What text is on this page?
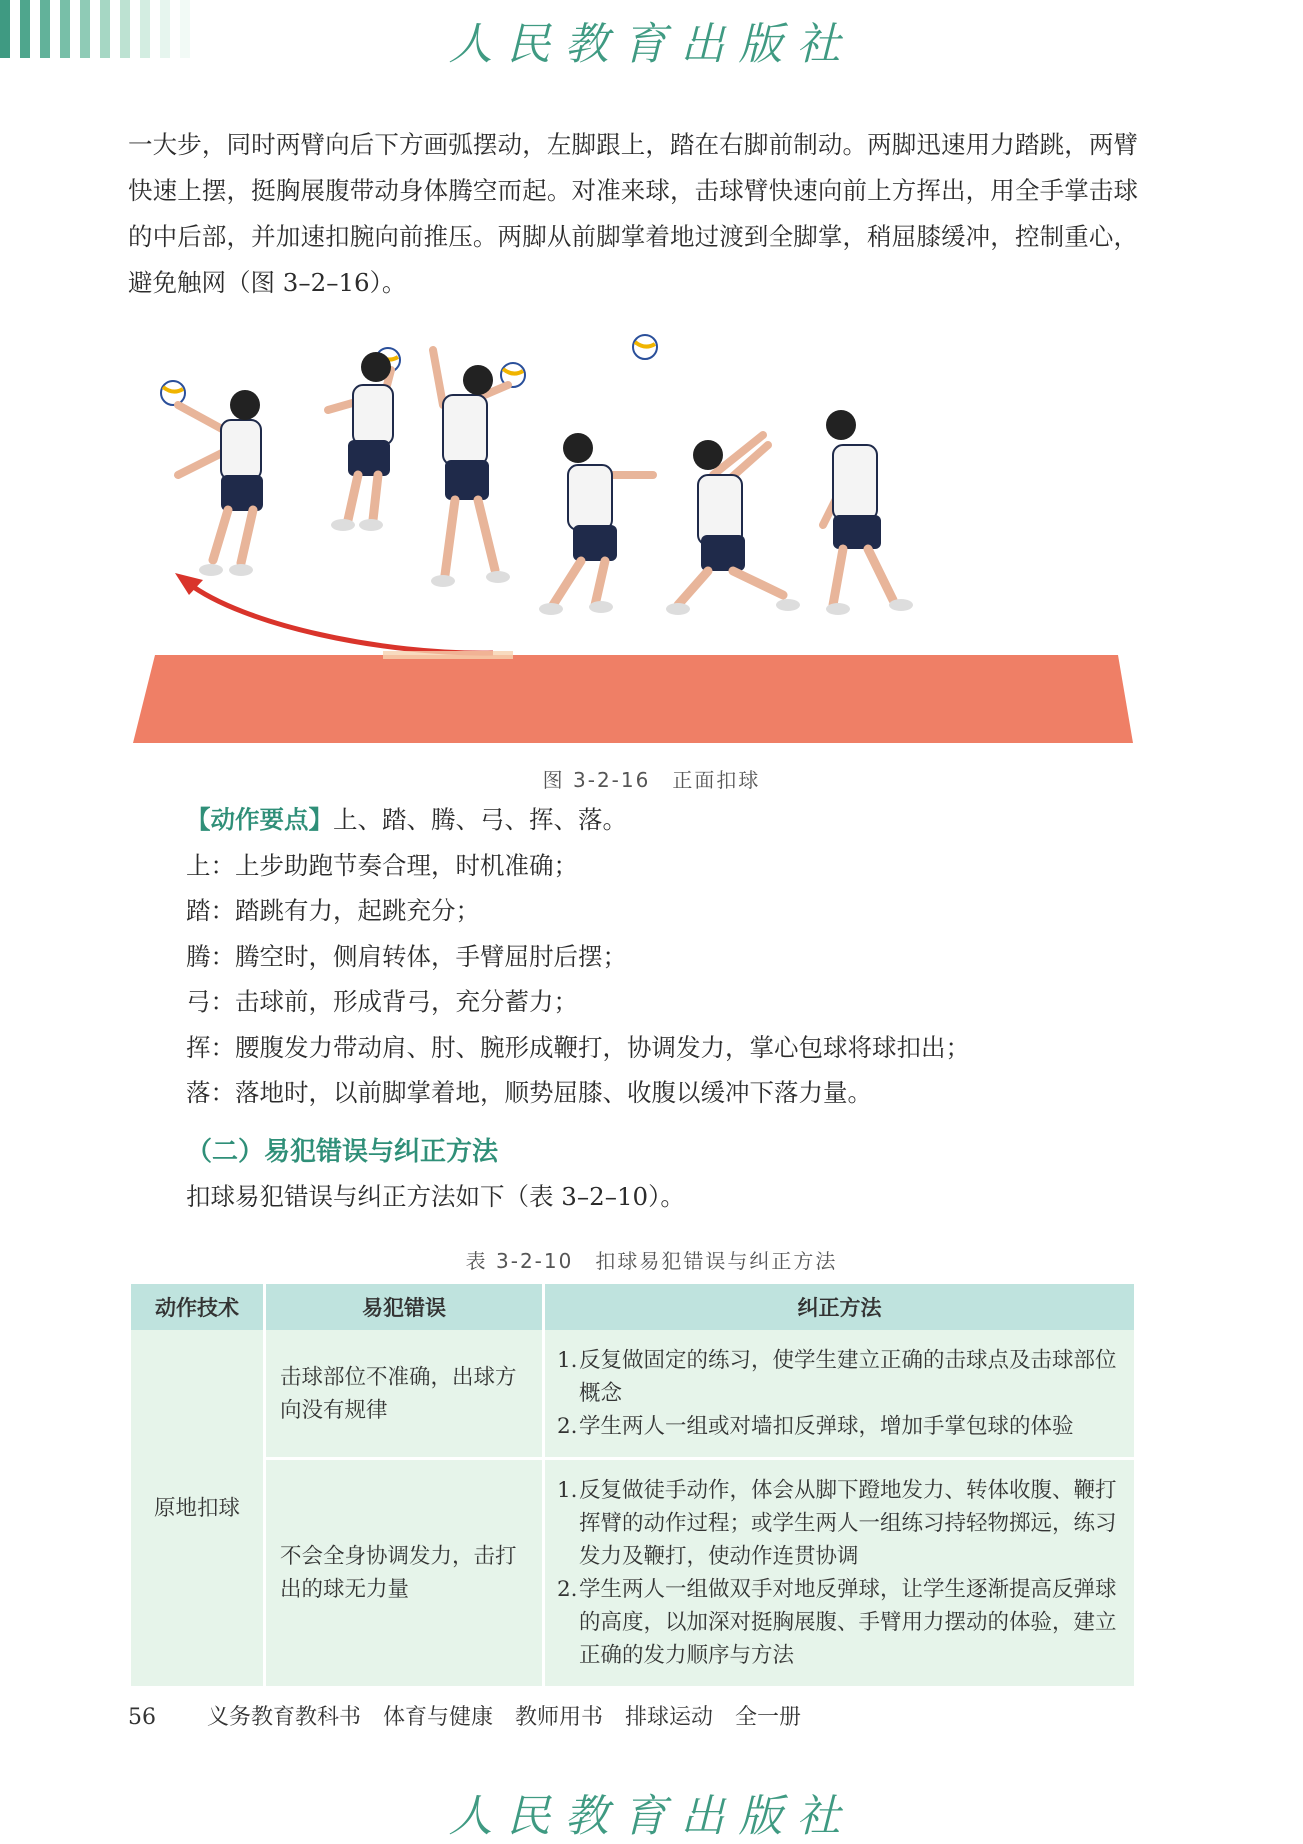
人民教育出版社

一大步，同时两臂向后下方画弧摆动，左脚跟上，踏在右脚前制动。两脚迅速用力踏跳，两臂快速上摆，挺胸展腹带动身体腾空而起。对准来球，击球臂快速向前上方挥出，用全手掌击球的中后部，并加速扣腕向前推压。两脚从前脚掌着地过渡到全脚掌，稍屈膝缓冲，控制重心，避免触网（图 3–2–16）。

图 3-2-16　正面扣球
【动作要点】上、踏、腾、弓、挥、落。
上：上步助跑节奏合理，时机准确；
踏：踏跳有力，起跳充分；
腾：腾空时，侧肩转体，手臂屈肘后摆；
弓：击球前，形成背弓，充分蓄力；
挥：腰腹发力带动肩、肘、腕形成鞭打，协调发力，掌心包球将球扣出；
落：落地时，以前脚掌着地，顺势屈膝、收腹以缓冲下落力量。
（二）易犯错误与纠正方法
扣球易犯错误与纠正方法如下（表 3–2–10）。
表 3-2-10　扣球易犯错误与纠正方法
动作技术	易犯错误	纠正方法
原地扣球	击球部位不准确，出球方向没有规律	1. 反复做固定的练习，使学生建立正确的击球点及击球部位概念
2. 学生两人一组或对墙扣反弹球，增加手掌包球的体验

	不会全身协调发力，击打出的球无力量	1. 反复做徒手动作，体会从脚下蹬地发力、转体收腹、鞭打挥臂的动作过程；或学生两人一组练习持轻物掷远，练习发力及鞭打，使动作连贯协调
2. 学生两人一组做双手对地反弹球，让学生逐渐提高反弹球的高度，以加深对挺胸展腹、手臂用力摆动的体验，建立正确的发力顺序与方法
56 义务教育教科书　体育与健康　教师用书　排球运动　全一册
人民教育出版社
